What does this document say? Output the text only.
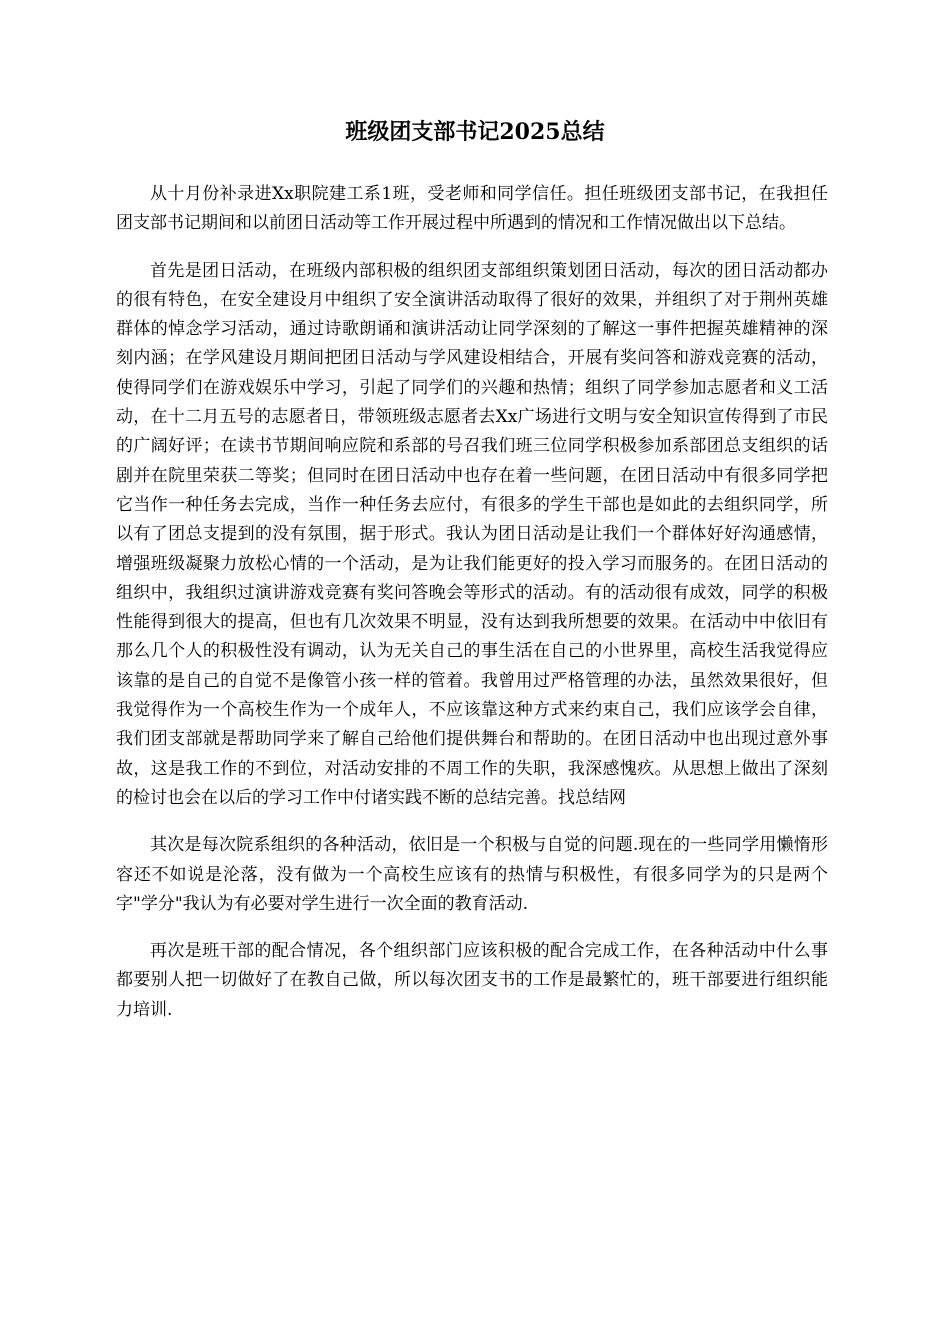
班级团支部书记2025总结

从十月份补录进Xx职院建工系1班，受老师和同学信任。担任班级团支部书记，在我担任团支部书记期间和以前团日活动等工作开展过程中所遇到的情况和工作情况做出以下总结。

首先是团日活动，在班级内部积极的组织团支部组织策划团日活动，每次的团日活动都办的很有特色，在安全建设月中组织了安全演讲活动取得了很好的效果，并组织了对于荆州英雄群体的悼念学习活动，通过诗歌朗诵和演讲活动让同学深刻的了解这一事件把握英雄精神的深刻内涵；在学风建设月期间把团日活动与学风建设相结合，开展有奖问答和游戏竞赛的活动，使得同学们在游戏娱乐中学习，引起了同学们的兴趣和热情；组织了同学参加志愿者和义工活动，在十二月五号的志愿者日，带领班级志愿者去Xx广场进行文明与安全知识宣传得到了市民的广阔好评；在读书节期间响应院和系部的号召我们班三位同学积极参加系部团总支组织的话剧并在院里荣获二等奖；但同时在团日活动中也存在着一些问题，在团日活动中有很多同学把它当作一种任务去完成，当作一种任务去应付，有很多的学生干部也是如此的去组织同学，所以有了团总支提到的没有氛围，据于形式。我认为团日活动是让我们一个群体好好沟通感情，增强班级凝聚力放松心情的一个活动，是为让我们能更好的投入学习而服务的。在团日活动的组织中，我组织过演讲游戏竞赛有奖问答晚会等形式的活动。有的活动很有成效，同学的积极性能得到很大的提高，但也有几次效果不明显，没有达到我所想要的效果。在活动中中依旧有那么几个人的积极性没有调动，认为无关自己的事生活在自己的小世界里，高校生活我觉得应该靠的是自己的自觉不是像管小孩一样的管着。我曾用过严格管理的办法，虽然效果很好，但我觉得作为一个高校生作为一个成年人，不应该靠这种方式来约束自己，我们应该学会自律，我们团支部就是帮助同学来了解自己给他们提供舞台和帮助的。在团日活动中也出现过意外事故，这是我工作的不到位，对活动安排的不周工作的失职，我深感愧疚。从思想上做出了深刻的检讨也会在以后的学习工作中付诸实践不断的总结完善。找总结网

其次是每次院系组织的各种活动，依旧是一个积极与自觉的问题.现在的一些同学用懒惰形容还不如说是沦落，没有做为一个高校生应该有的热情与积极性，有很多同学为的只是两个字"学分"我认为有必要对学生进行一次全面的教育活动.

再次是班干部的配合情况，各个组织部门应该积极的配合完成工作，在各种活动中什么事都要别人把一切做好了在教自己做，所以每次团支书的工作是最繁忙的，班干部要进行组织能力培训.
